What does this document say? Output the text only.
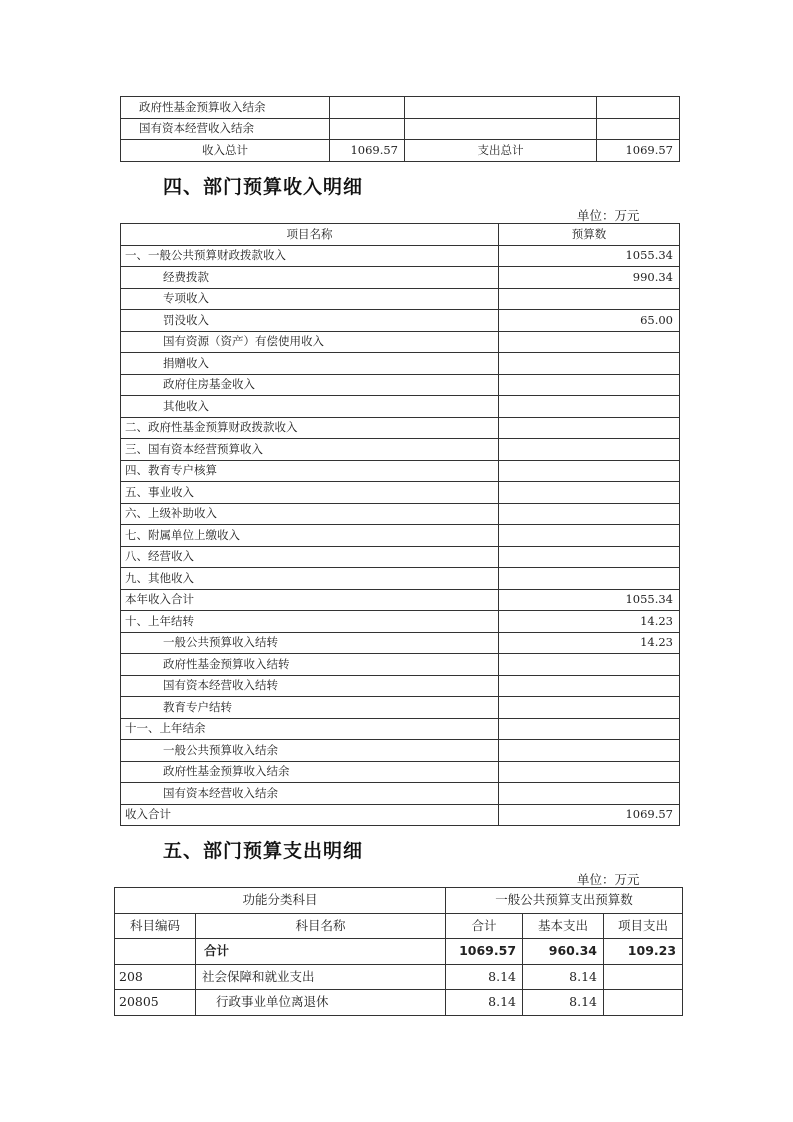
政府性基金预算收入结余			
国有资本经营收入结余			
收入总计	1069.57	支出总计	1069.57
四、部门预算收入明细
单位：万元
项目名称	预算数
一、一般公共预算财政拨款收入	1055.34
经费拨款	990.34
专项收入	
罚没收入	65.00
国有资源（资产）有偿使用收入	
捐赠收入	
政府住房基金收入	
其他收入	
二、政府性基金预算财政拨款收入	
三、国有资本经营预算收入	
四、教育专户核算	
五、事业收入	
六、上级补助收入	
七、附属单位上缴收入	
八、经营收入	
九、其他收入	
本年收入合计	1055.34
十、上年结转	14.23
一般公共预算收入结转	14.23
政府性基金预算收入结转	
国有资本经营收入结转	
教育专户结转	
十一、上年结余	
一般公共预算收入结余	
政府性基金预算收入结余	
国有资本经营收入结余	
收入合计	1069.57
五、部门预算支出明细
单位：万元
功能分类科目		一般公共预算支出预算数		
科目编码	科目名称	合计	基本支出	项目支出
	合计	1069.57	960.34	109.23
208	社会保障和就业支出	8.14	8.14	
20805	行政事业单位离退休	8.14	8.14	
